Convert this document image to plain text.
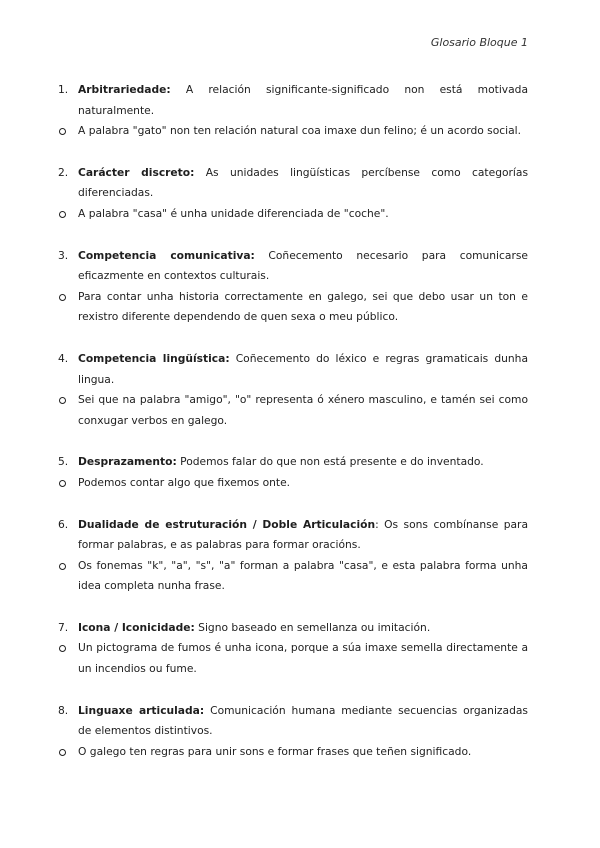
Glosario Bloque 1
1. Arbitrariedade: A relación significante-significado non está motivada naturalmente.
A palabra "gato" non ten relación natural coa imaxe dun felino; é un acordo social.
2. Carácter discreto: As unidades lingüísticas percíbense como categorías diferenciadas.
A palabra "casa" é unha unidade diferenciada de "coche".
3. Competencia comunicativa: Coñecemento necesario para comunicarse eficazmente en contextos culturais.
Para contar unha historia correctamente en galego, sei que debo usar un ton e rexistro diferente dependendo de quen sexa o meu público.
4. Competencia lingüística: Coñecemento do léxico e regras gramaticais dunha lingua.
Sei que na palabra "amigo", "o" representa ó xénero masculino, e tamén sei como conxugar verbos en galego.
5. Desprazamento: Podemos falar do que non está presente e do inventado.
Podemos contar algo que fixemos onte.
6. Dualidade de estruturación / Doble Articulación: Os sons combínanse para formar palabras, e as palabras para formar oracións.
Os fonemas "k", "a", "s", "a" forman a palabra "casa", e esta palabra forma unha idea completa nunha frase.
7. Icona / Iconicidade: Signo baseado en semellanza ou imitación.
Un pictograma de fumos é unha icona, porque a súa imaxe semella directamente a un incendios ou fume.
8. Linguaxe articulada: Comunicación humana mediante secuencias organizadas de elementos distintivos.
O galego ten regras para unir sons e formar frases que teñen significado.
